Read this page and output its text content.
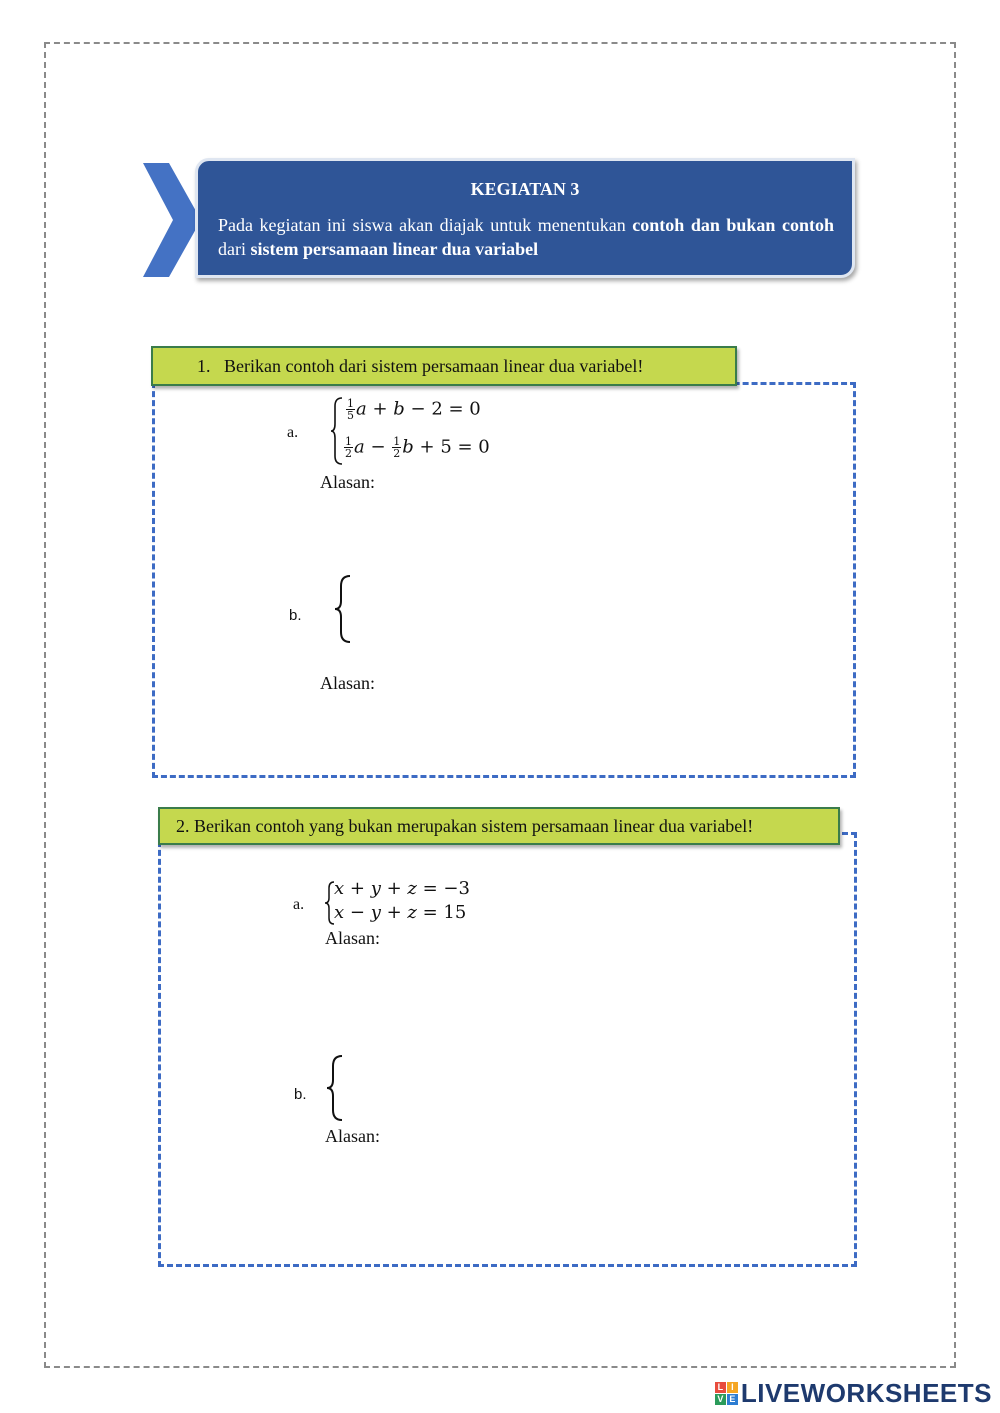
KEGIATAN 3
Pada kegiatan ini siswa akan diajak untuk menentukan contoh dan bukan contoh dari sistem persamaan linear dua variabel
1.   Berikan contoh dari sistem persamaan linear dua variabel!
a.
$\frac{1}{5}$ a + b − 2 = 0
$\frac{1}{2}$ $a - \frac{1}{2}$ b + 5 = 0
Alasan:
b.
Alasan:
2. Berikan contoh yang bukan merupakan sistem persamaan linear dua variabel!
a.
x + y + z = −3
x − y + z = 15
Alasan:
b.
Alasan:
L I
V E LIVEWORKSHEETS
